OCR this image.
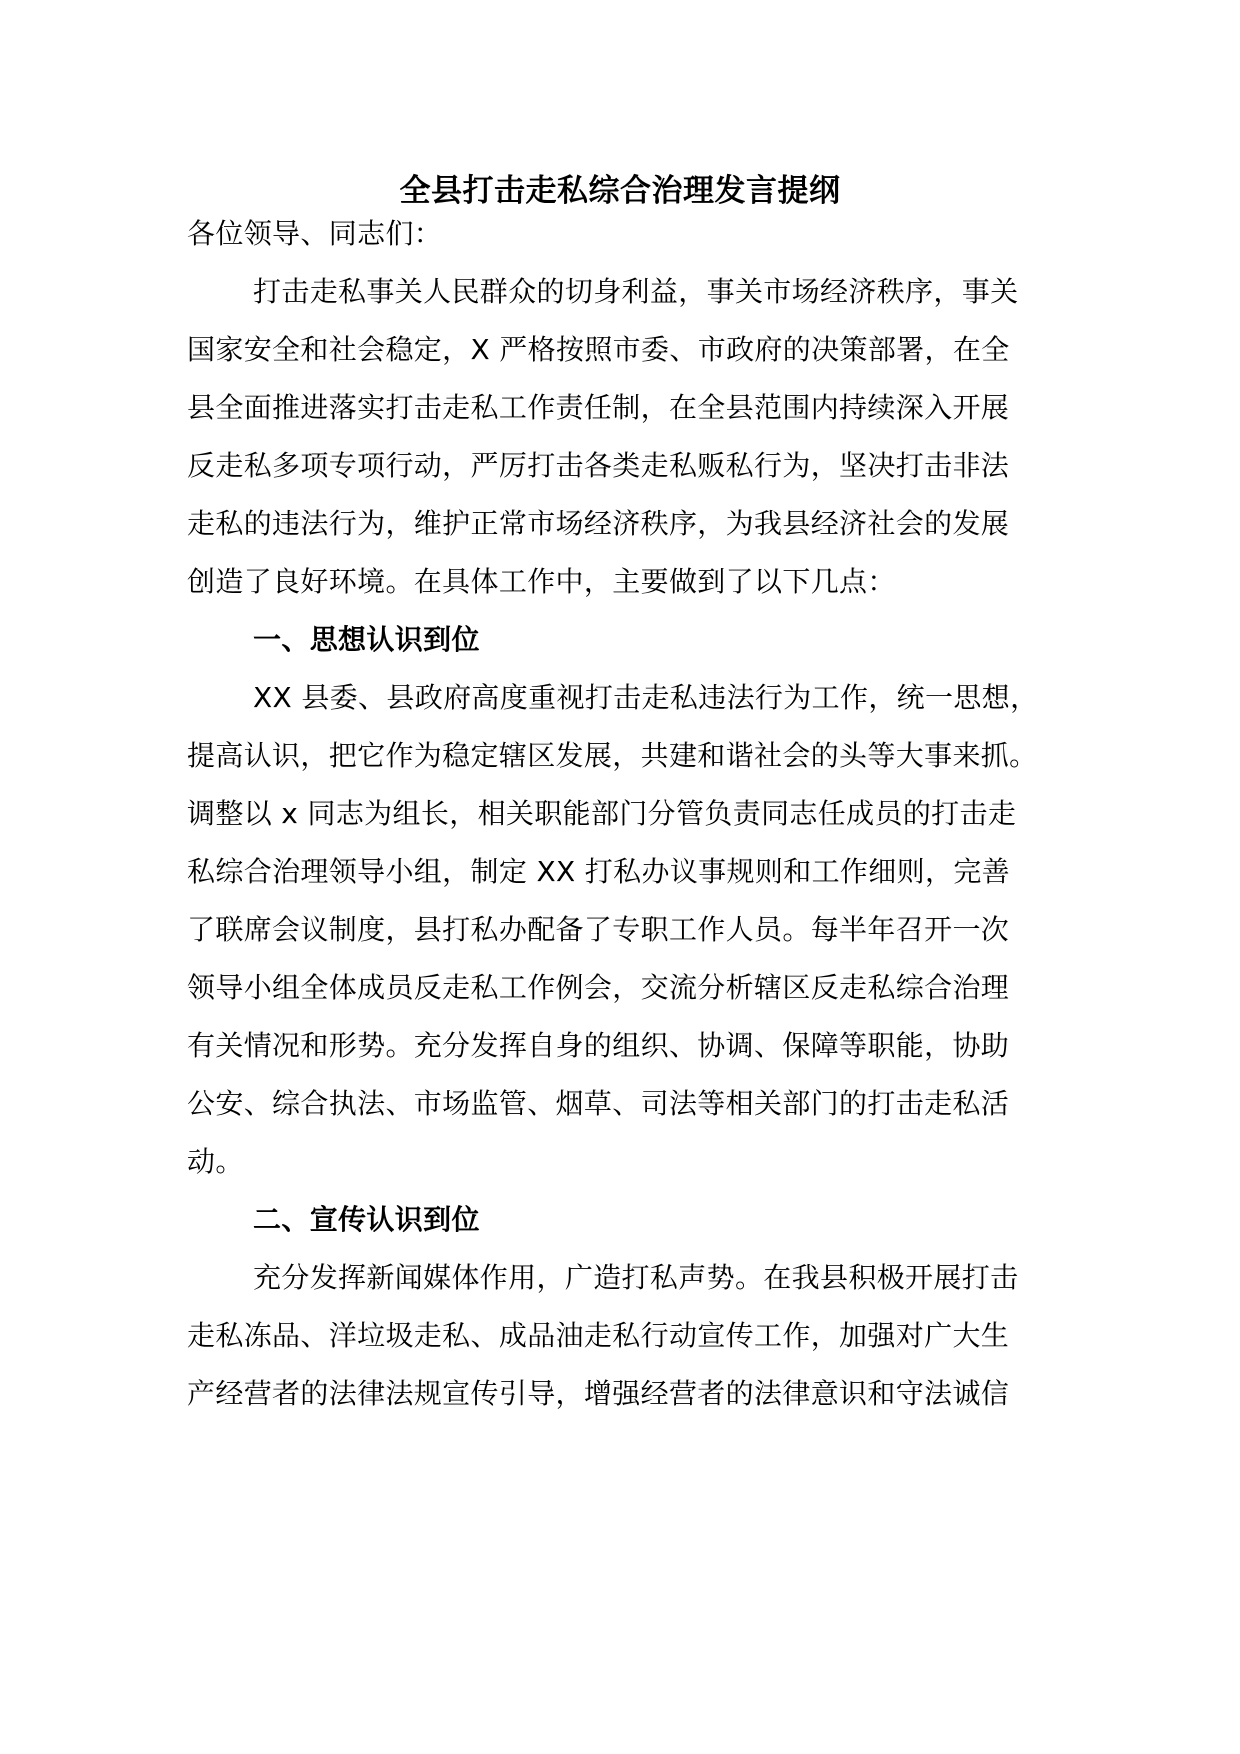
全县打击走私综合治理发言提纲
各位领导、同志们：
打击走私事关人民群众的切身利益，事关市场经济秩序，事关
国家安全和社会稳定，X 严格按照市委、市政府的决策部署，在全
县全面推进落实打击走私工作责任制，在全县范围内持续深入开展
反走私多项专项行动，严厉打击各类走私贩私行为，坚决打击非法
走私的违法行为，维护正常市场经济秩序，为我县经济社会的发展
创造了良好环境。在具体工作中，主要做到了以下几点：
一、思想认识到位
XX 县委、县政府高度重视打击走私违法行为工作，统一思想，
提高认识，把它作为稳定辖区发展，共建和谐社会的头等大事来抓。
调整以 x 同志为组长，相关职能部门分管负责同志任成员的打击走
私综合治理领导小组，制定 XX 打私办议事规则和工作细则，完善
了联席会议制度，县打私办配备了专职工作人员。每半年召开一次
领导小组全体成员反走私工作例会，交流分析辖区反走私综合治理
有关情况和形势。充分发挥自身的组织、协调、保障等职能，协助
公安、综合执法、市场监管、烟草、司法等相关部门的打击走私活
动。
二、宣传认识到位
充分发挥新闻媒体作用，广造打私声势。在我县积极开展打击
走私冻品、洋垃圾走私、成品油走私行动宣传工作，加强对广大生
产经营者的法律法规宣传引导，增强经营者的法律意识和守法诚信
